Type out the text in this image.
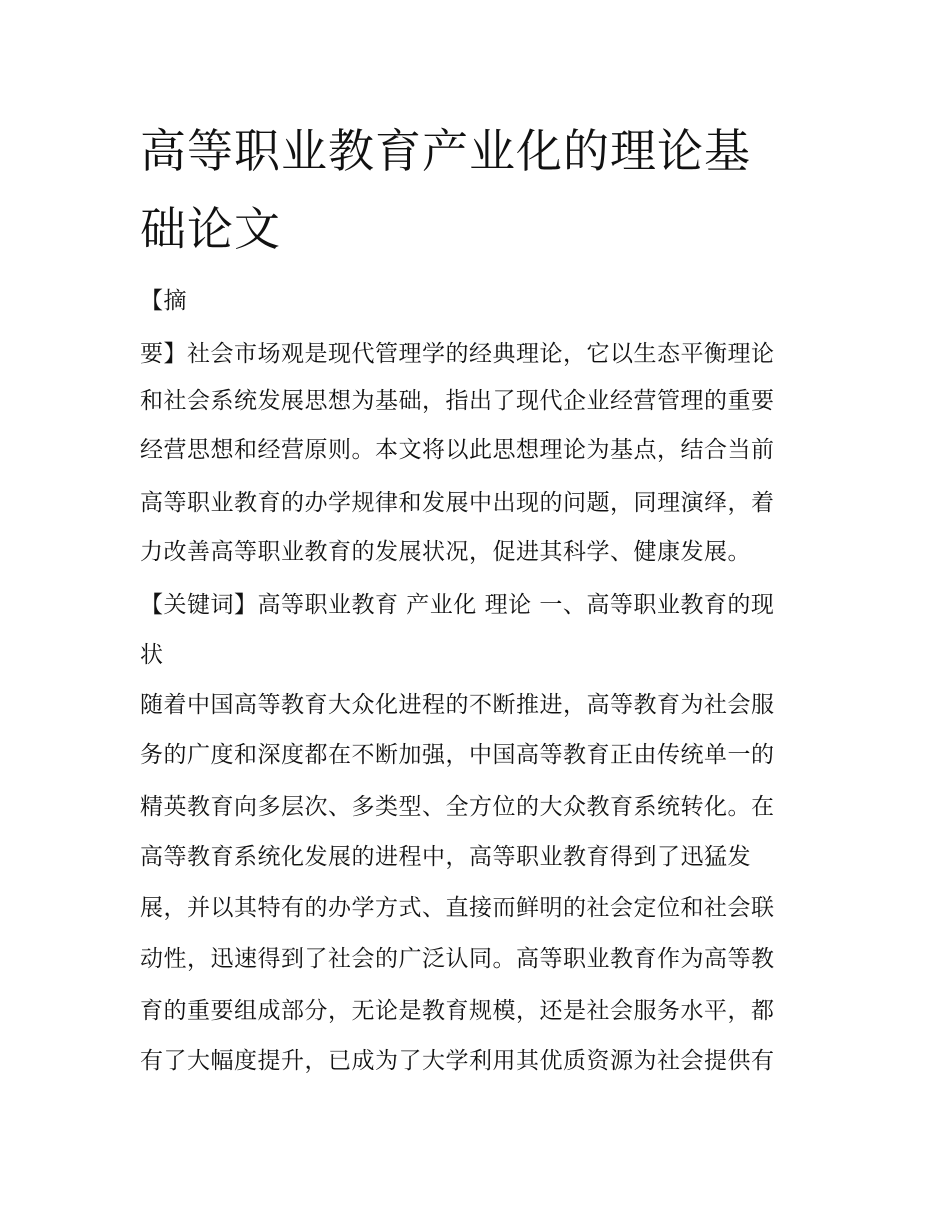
高等职业教育产业化的理论基
础论文
【摘
要】社会市场观是现代管理学的经典理论，它以生态平衡理论
和社会系统发展思想为基础，指出了现代企业经营管理的重要
经营思想和经营原则。本文将以此思想理论为基点，结合当前
高等职业教育的办学规律和发展中出现的问题，同理演绎，着
力改善高等职业教育的发展状况，促进其科学、健康发展。
【关键词】高等职业教育 产业化 理论 一、高等职业教育的现
状
随着中国高等教育大众化进程的不断推进，高等教育为社会服
务的广度和深度都在不断加强，中国高等教育正由传统单一的
精英教育向多层次、多类型、全方位的大众教育系统转化。在
高等教育系统化发展的进程中，高等职业教育得到了迅猛发
展，并以其特有的办学方式、直接而鲜明的社会定位和社会联
动性，迅速得到了社会的广泛认同。高等职业教育作为高等教
育的重要组成部分，无论是教育规模，还是社会服务水平，都
有了大幅度提升，已成为了大学利用其优质资源为社会提供有
